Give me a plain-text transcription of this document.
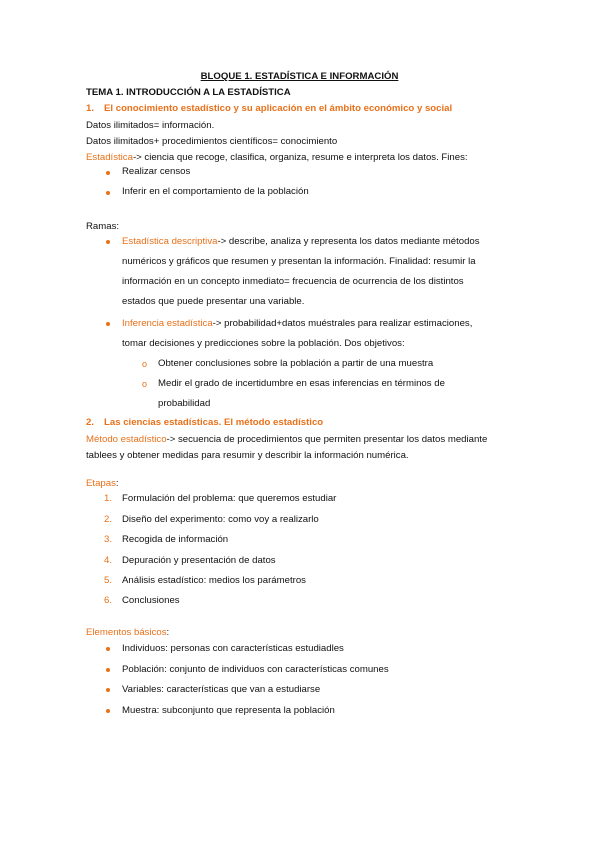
BLOQUE 1. ESTADÍSTICA E INFORMACIÓN
TEMA 1. INTRODUCCIÓN A LA ESTADÍSTICA
1. El conocimiento estadístico y su aplicación en el ámbito económico y social
Datos ilimitados= información.
Datos ilimitados+ procedimientos científicos= conocimiento
Estadística-> ciencia que recoge, clasifica, organiza, resume e interpreta los datos. Fines:
Realizar censos
Inferir en el comportamiento de la población
Ramas:
Estadística descriptiva-> describe, analiza y representa los datos mediante métodos
numéricos y gráficos que resumen y presentan la información. Finalidad: resumir la
información en un concepto inmediato= frecuencia de ocurrencia de los distintos
estados que puede presentar una variable.
Inferencia estadística-> probabilidad+datos muéstrales para realizar estimaciones,
tomar decisiones y predicciones sobre la población. Dos objetivos:
o Obtener conclusiones sobre la población a partir de una muestra
o Medir el grado de incertidumbre en esas inferencias en términos de
probabilidad
2. Las ciencias estadísticas. El método estadístico
Método estadístico-> secuencia de procedimientos que permiten presentar los datos mediante
tablees y obtener medidas para resumir y describir la información numérica.
Etapas:
1. Formulación del problema: que queremos estudiar
2. Diseño del experimento: como voy a realizarlo
3. Recogida de información
4. Depuración y presentación de datos
5. Análisis estadístico: medios los parámetros
6. Conclusiones
Elementos básicos:
Individuos: personas con características estudiadles
Población: conjunto de individuos con características comunes
Variables: características que van a estudiarse
Muestra: subconjunto que representa la población
